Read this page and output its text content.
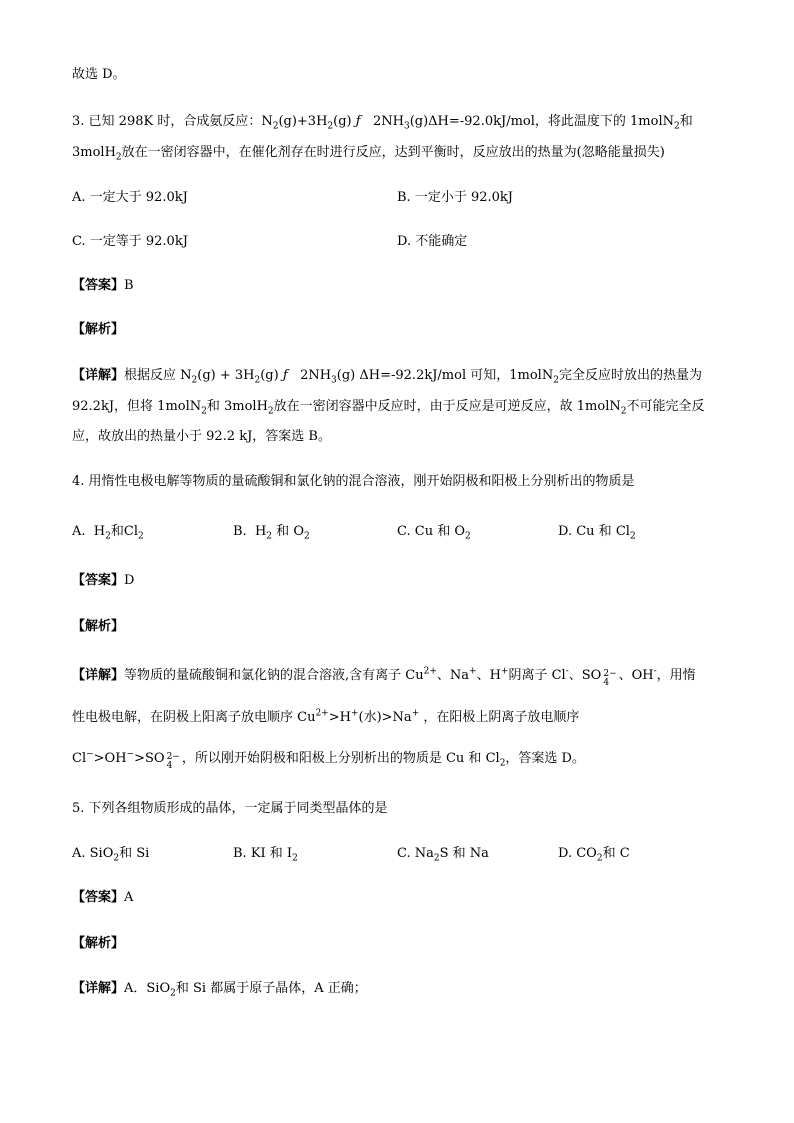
故选 D。
3. 已知 298K 时，合成氨反应：$N_2(g)+3H_2(g)$ ƒ $2NH_3(g)\Delta H=-92.0kJ$/mol，将此温度下的 1molN$_2$和
3molH$_2$放在一密闭容器中，在催化剂存在时进行反应，达到平衡时，反应放出的热量为(忽略能量损失)
A. 一定大于 92.0kJ	B. 一定小于 92.0kJ
C. 一定等于 92.0kJ	D. 不能确定
【答案】B
【解析】
【详解】根据反应 $N_2(g) + 3H_2(g)$ ƒ $2NH_3(g)$ ΔH=-92.2kJ/mol 可知，1molN$_2$完全反应时放出的热量为
92.2kJ，但将 1molN$_2$和 3molH$_2$放在一密闭容器中反应时，由于反应是可逆反应，故 1molN$_2$不可能完全反
应，故放出的热量小于 92.2 kJ，答案选 B。
4. 用惰性电极电解等物质的量硫酸铜和氯化钠的混合溶液，刚开始阴极和阳极上分别析出的物质是
A. $H_2$和$Cl_2$	B. $H_2$ 和 $O_2$	C. Cu 和 $O_2$	D. Cu 和 $Cl_2$
【答案】D
【解析】
【详解】等物质的量硫酸铜和氯化钠的混合溶液,含有离子 $Cu^{2+}$、Na+、H+阴离子 Cl-、SO 2−
4 、OH-，用惰
性电极电解，在阴极上阳离子放电顺序 $Cu^{2+}>H^+$(水)>Na+ ，在阳极上阴离子放电顺序
Cl−>OH−>SO 2−
4 ，所以刚开始阴极和阳极上分别析出的物质是 Cu 和 $Cl_2$，答案选 D。
5. 下列各组物质形成的晶体，一定属于同类型晶体的是
A. SiO$_2$和 Si	B. KI 和 $I_2$	C. $Na_2S$ 和 Na	D. $CO_2$和 C
【答案】A
【解析】
【详解】A．SiO$_2$和 Si 都属于原子晶体，A 正确；
